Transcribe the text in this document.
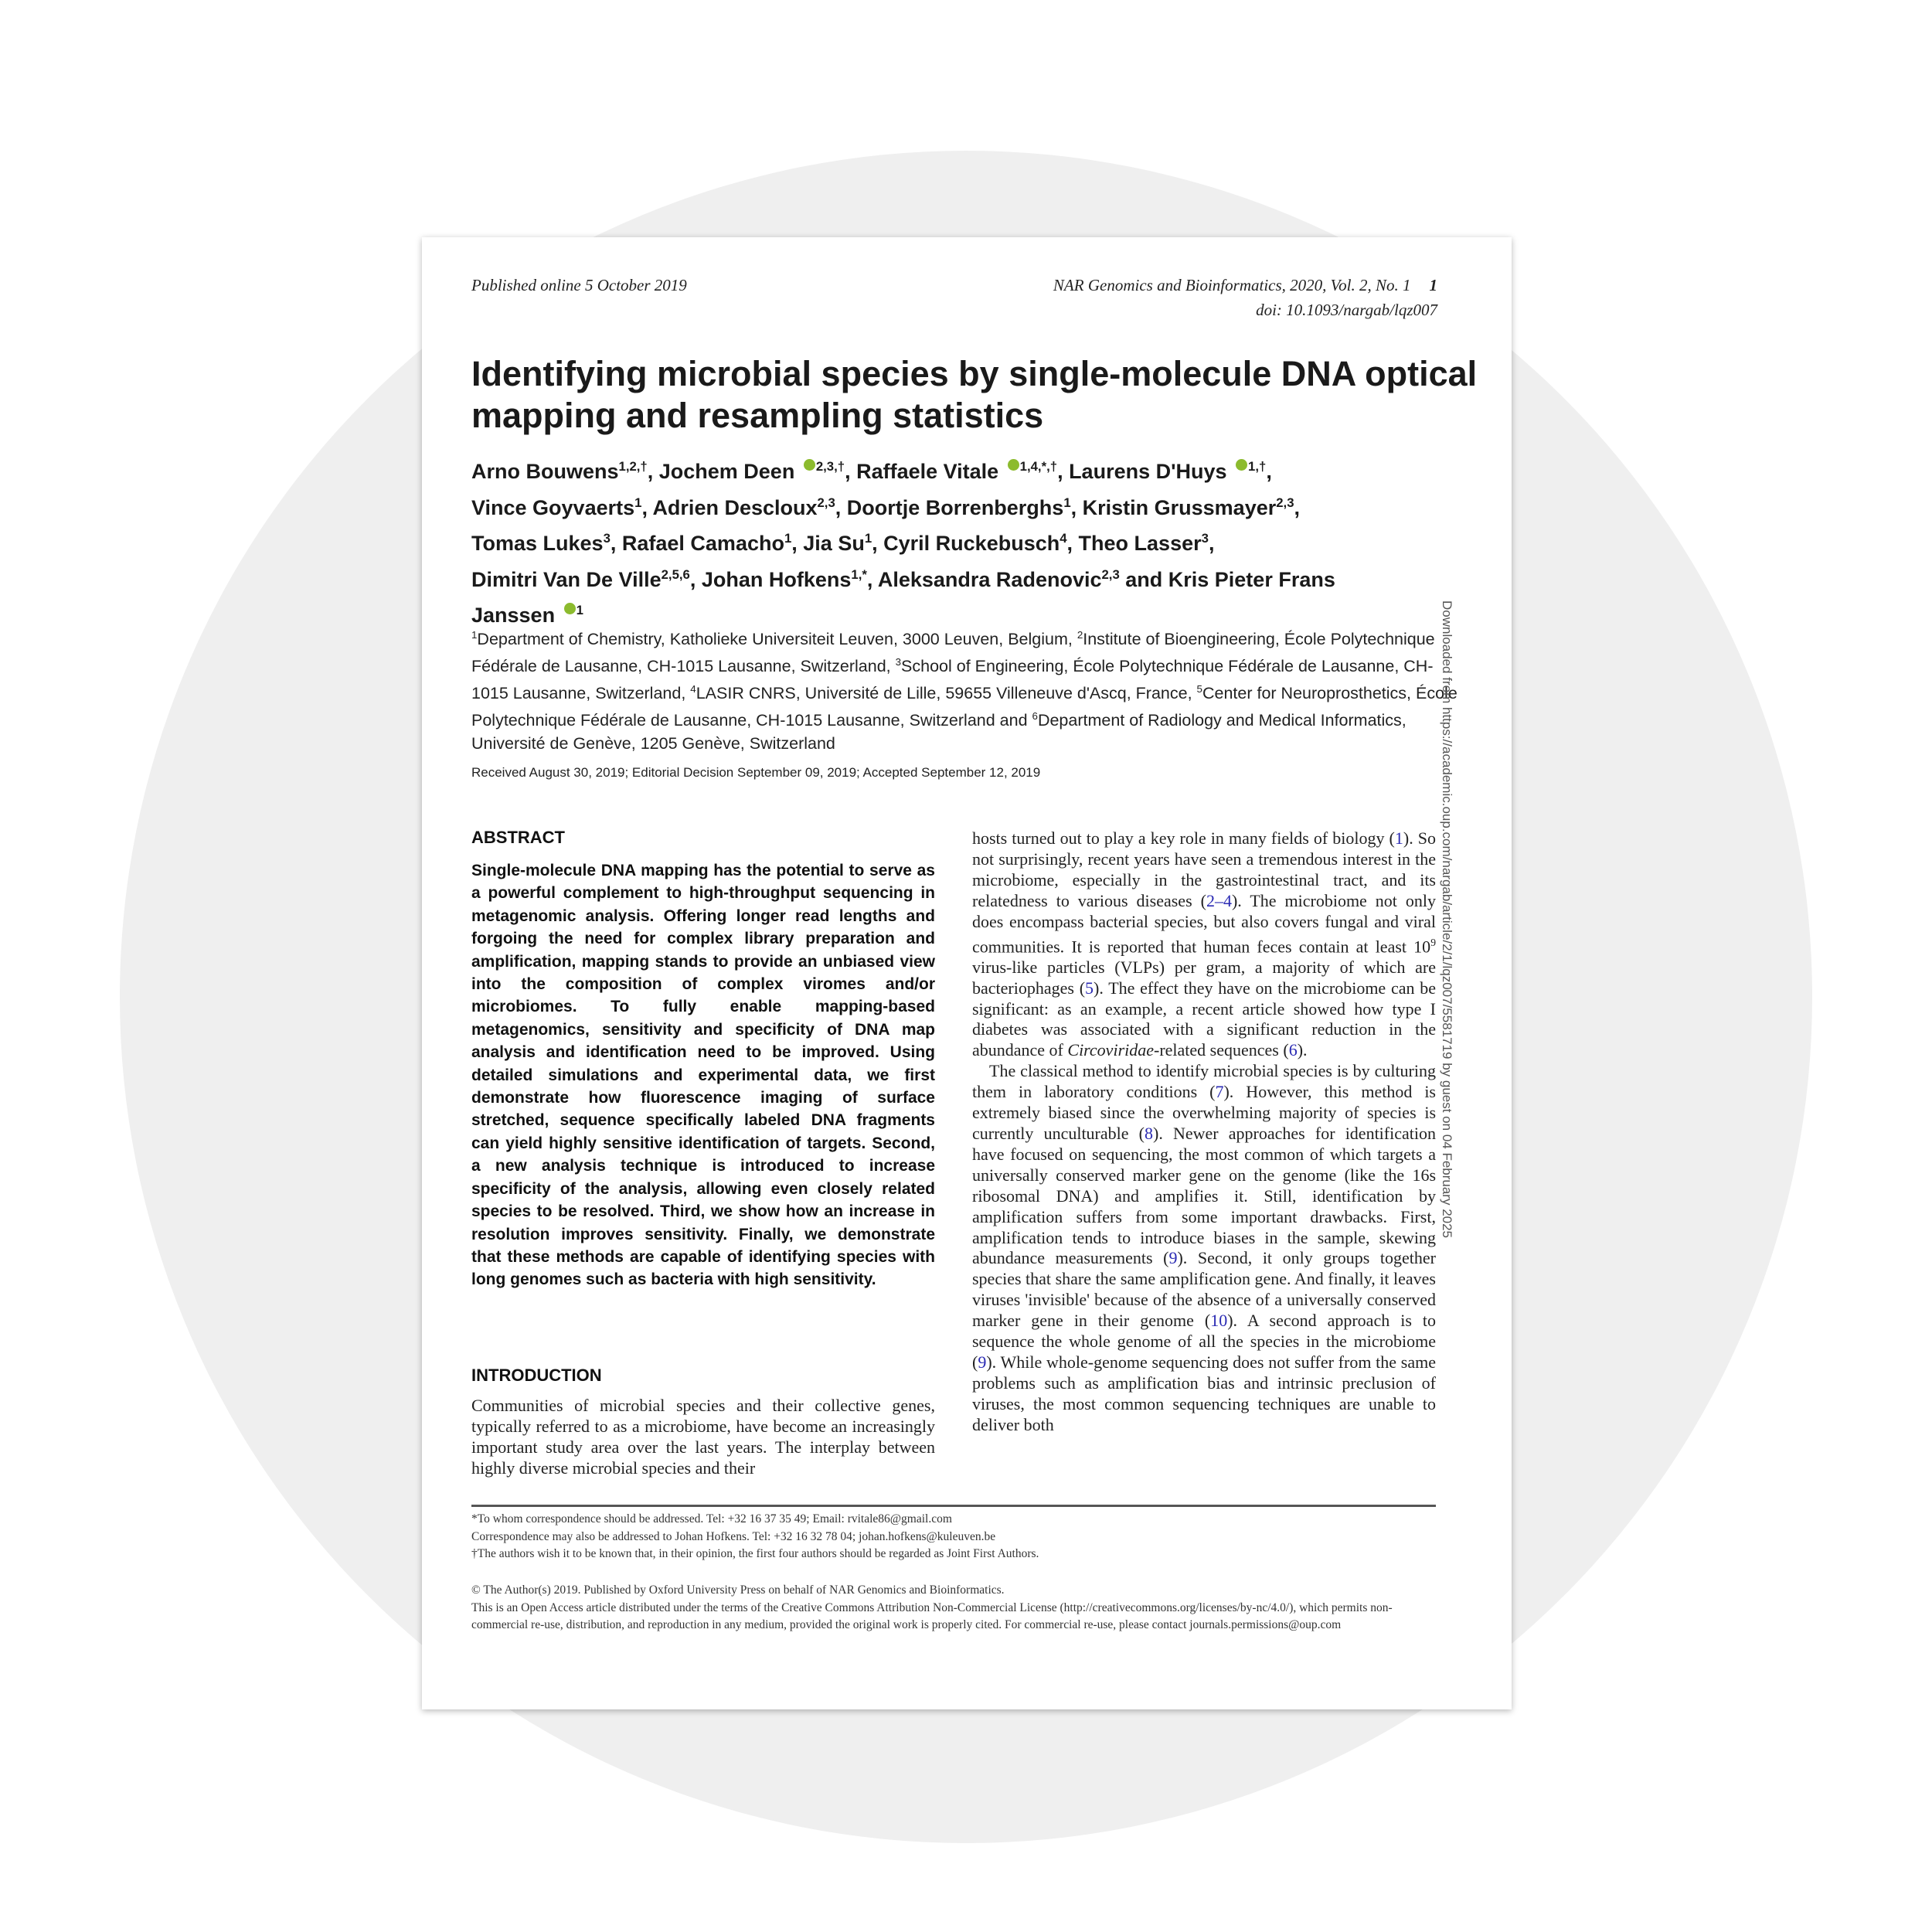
Published online 5 October 2019	NAR Genomics and Bioinformatics, 2020, Vol. 2, No. 1 1
doi: 10.1093/nargab/lqz007
Identifying microbial species by single-molecule DNA optical mapping and resampling statistics
Arno Bouwens$^{1,2,\dagger}$, Jochem Deen $^{2,3,\dagger}$, Raffaele Vitale $^{1,4,*,\dagger}$, Laurens D'Huys $^{1,\dagger}$,
Vince Goyvaerts$^1$, Adrien Descloux$^{2,3}$, Doortje Borrenberghs$^1$, Kristin Grussmayer$^{2,3}$,
Tomas Lukes$^3$, Rafael Camacho$^1$, Jia Su$^1$, Cyril Ruckebusch$^4$, Theo Lasser$^3$,
Dimitri Van De Ville$^{2,5,6}$, Johan Hofkens$^{1,*}$, Aleksandra Radenovic$^{2,3}$ and Kris Pieter Frans
Janssen $^1$
$^1$Department of Chemistry, Katholieke Universiteit Leuven, 3000 Leuven, Belgium, $^2$Institute of Bioengineering, École Polytechnique Fédérale de Lausanne, CH-1015 Lausanne, Switzerland, $^3$School of Engineering, École Polytechnique Fédérale de Lausanne, CH-1015 Lausanne, Switzerland, $^4$LASIR CNRS, Université de Lille, 59655 Villeneuve d'Ascq, France, $^5$Center for Neuroprosthetics, École Polytechnique Fédérale de Lausanne, CH-1015 Lausanne, Switzerland and $^6$Department of Radiology and Medical Informatics, Université de Genève, 1205 Genève, Switzerland
Received August 30, 2019; Editorial Decision September 09, 2019; Accepted September 12, 2019
ABSTRACT
Single-molecule DNA mapping has the potential to serve as a powerful complement to high-throughput sequencing in metagenomic analysis. Offering longer read lengths and forgoing the need for complex library preparation and amplification, mapping stands to provide an unbiased view into the composition of complex viromes and/or microbiomes. To fully enable mapping-based metagenomics, sensitivity and specificity of DNA map analysis and identification need to be improved. Using detailed simulations and experimental data, we first demonstrate how fluorescence imaging of surface stretched, sequence specifically labeled DNA fragments can yield highly sensitive identification of targets. Second, a new analysis technique is introduced to increase specificity of the analysis, allowing even closely related species to be resolved. Third, we show how an increase in resolution improves sensitivity. Finally, we demonstrate that these methods are capable of identifying species with long genomes such as bacteria with high sensitivity.
INTRODUCTION
Communities of microbial species and their collective genes, typically referred to as a microbiome, have become an increasingly important study area over the last years. The interplay between highly diverse microbial species and their

hosts turned out to play a key role in many fields of biology (1). So not surprisingly, recent years have seen a tremendous interest in the microbiome, especially in the gastrointestinal tract, and its relatedness to various diseases (2–4). The microbiome not only does encompass bacterial species, but also covers fungal and viral communities. It is reported that human feces contain at least $10^9$ virus-like particles (VLPs) per gram, a majority of which are bacteriophages (5). The effect they have on the microbiome can be significant: as an example, a recent article showed how type I diabetes was associated with a significant reduction in the abundance of Circoviridae-related sequences (6).

The classical method to identify microbial species is by culturing them in laboratory conditions (7). However, this method is extremely biased since the overwhelming majority of species is currently unculturable (8). Newer approaches for identification have focused on sequencing, the most common of which targets a universally conserved marker gene on the genome (like the 16s ribosomal DNA) and amplifies it. Still, identification by amplification suffers from some important drawbacks. First, amplification tends to introduce biases in the sample, skewing abundance measurements (9). Second, it only groups together species that share the same amplification gene. And finally, it leaves viruses 'invisible' because of the absence of a universally conserved marker gene in their genome (10). A second approach is to sequence the whole genome of all the species in the microbiome (9). While whole-genome sequencing does not suffer from the same problems such as amplification bias and intrinsic preclusion of viruses, the most common sequencing techniques are unable to deliver both

Downloaded from https://academic.oup.com/nargab/article/2/1/lqz007/5581719 by guest on 04 February 2025
*To whom correspondence should be addressed. Tel: +32 16 37 35 49; Email: rvitale86@gmail.com
Correspondence may also be addressed to Johan Hofkens. Tel: +32 16 32 78 04; johan.hofkens@kuleuven.be
†The authors wish it to be known that, in their opinion, the first four authors should be regarded as Joint First Authors.
© The Author(s) 2019. Published by Oxford University Press on behalf of NAR Genomics and Bioinformatics.
This is an Open Access article distributed under the terms of the Creative Commons Attribution Non-Commercial License (http://creativecommons.org/licenses/by-nc/4.0/), which permits non-commercial re-use, distribution, and reproduction in any medium, provided the original work is properly cited. For commercial re-use, please contact journals.permissions@oup.com
